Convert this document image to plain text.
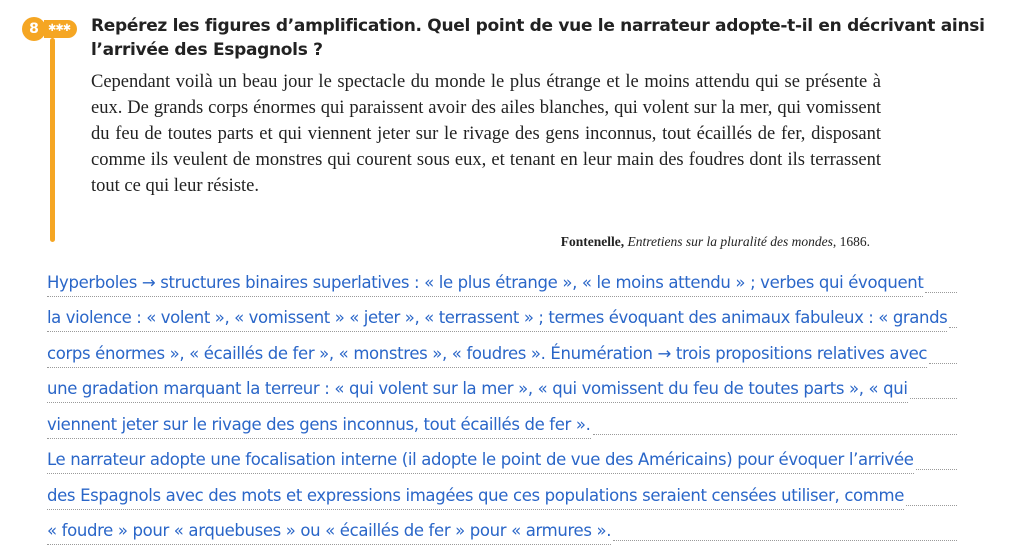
8 ✱✱✱	Repérez les figures d’amplification. Quel point de vue le narrateur adopte-t-il en décrivant ainsi
l’arrivée des Espagnols ?
Cependant voilà un beau jour le spectacle du monde le plus étrange et le moins attendu qui se présente à eux. De grands corps énormes qui paraissent avoir des ailes blanches, qui volent sur la mer, qui vomissent du feu de toutes parts et qui viennent jeter sur le rivage des gens inconnus, tout écaillés de fer, disposant comme ils veulent de monstres qui courent sous eux, et tenant en leur main des foudres dont ils terrassent tout ce qui leur résiste.
Fontenelle, Entretiens sur la pluralité des mondes, 1686.
Hyperboles → structures binaires superlatives : « le plus étrange », « le moins attendu » ; verbes qui évoquent
la violence : « volent », « vomissent » « jeter », « terrassent » ; termes évoquant des animaux fabuleux : « grands
corps énormes », « écaillés de fer », « monstres », « foudres ». Énumération → trois propositions relatives avec
une gradation marquant la terreur : « qui volent sur la mer », « qui vomissent du feu de toutes parts », « qui
viennent jeter sur le rivage des gens inconnus, tout écaillés de fer ».
Le narrateur adopte une focalisation interne (il adopte le point de vue des Américains) pour évoquer l’arrivée
des Espagnols avec des mots et expressions imagées que ces populations seraient censées utiliser, comme
« foudre » pour « arquebuses » ou « écaillés de fer » pour « armures ».
